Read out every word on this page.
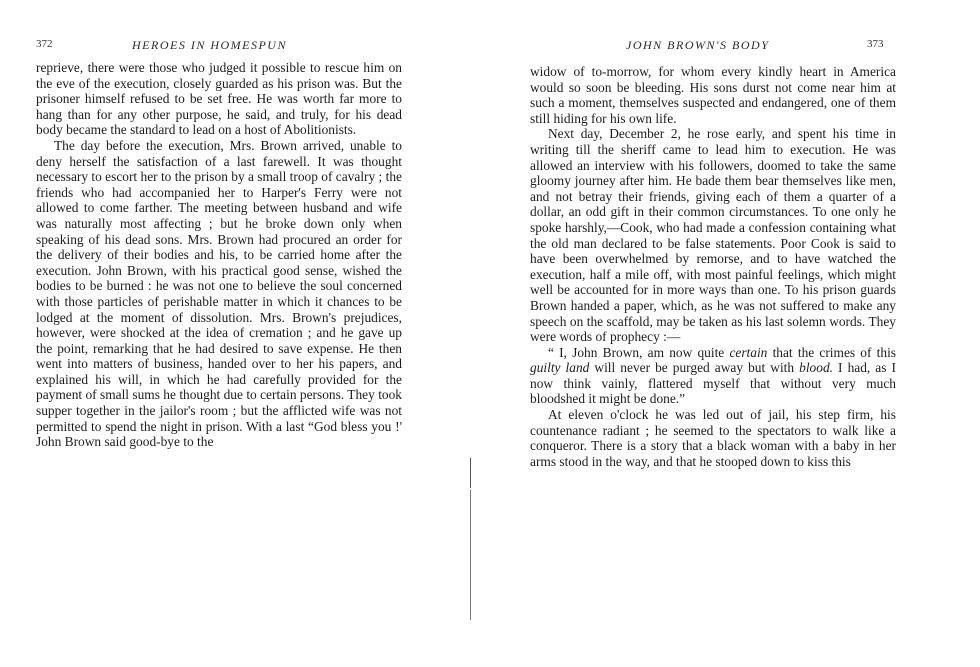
372	HEROES IN HOMESPUN

reprieve, there were those who judged it possible to rescue him on the eve of the execution, closely guarded as his prison was. But the prisoner himself refused to be set free. He was worth far more to hang than for any other purpose, he said, and truly, for his dead body became the standard to lead on a host of Abolitionists.

The day before the execution, Mrs. Brown arrived, unable to deny herself the satisfaction of a last farewell. It was thought necessary to escort her to the prison by a small troop of cavalry ; the friends who had accompanied her to Harper's Ferry were not allowed to come farther. The meeting between husband and wife was naturally most affecting ; but he broke down only when speaking of his dead sons. Mrs. Brown had procured an order for the delivery of their bodies and his, to be carried home after the execution. John Brown, with his practical good sense, wished the bodies to be burned : he was not one to believe the soul concerned with those particles of perishable matter in which it chances to be lodged at the moment of dissolution. Mrs. Brown's prejudices, however, were shocked at the idea of cremation ; and he gave up the point, remarking that he had desired to save expense. He then went into matters of business, handed over to her his papers, and explained his will, in which he had carefully provided for the payment of small sums he thought due to certain persons. They took supper together in the jailor's room ; but the afflicted wife was not permitted to spend the night in prison. With a last “God bless you !' John Brown said good-bye to the

JOHN BROWN'S BODY	373

widow of to-morrow, for whom every kindly heart in America would so soon be bleeding. His sons durst not come near him at such a moment, themselves suspected and endangered, one of them still hiding for his own life.

Next day, December 2, he rose early, and spent his time in writing till the sheriff came to lead him to execution. He was allowed an interview with his followers, doomed to take the same gloomy journey after him. He bade them bear themselves like men, and not betray their friends, giving each of them a quarter of a dollar, an odd gift in their common circumstances. To one only he spoke harshly,—Cook, who had made a confession containing what the old man declared to be false statements. Poor Cook is said to have been overwhelmed by remorse, and to have watched the execution, half a mile off, with most painful feelings, which might well be accounted for in more ways than one. To his prison guards Brown handed a paper, which, as he was not suffered to make any speech on the scaffold, may be taken as his last solemn words. They were words of prophecy :—

“ I, John Brown, am now quite certain that the crimes of this guilty land will never be purged away but with blood. I had, as I now think vainly, flattered myself that without very much bloodshed it might be done.”

At eleven o'clock he was led out of jail, his step firm, his countenance radiant ; he seemed to the spectators to walk like a conqueror. There is a story that a black woman with a baby in her arms stood in the way, and that he stooped down to kiss this
